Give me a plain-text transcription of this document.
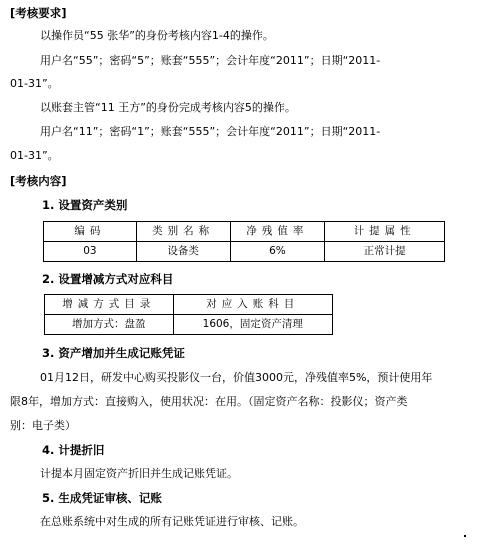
[考核要求]
以操作员“55 张华”的身份考核内容1-4的操作。
用户名“55”；密码“5”；账套“555”；会计年度“2011”；日期“2011-
01-31”。
以账套主管“11 王方”的身份完成考核内容5的操作。
用户名“11”；密码“1”；账套“555”；会计年度“2011”；日期“2011-
01-31”。
[考核内容]
1. 设置资产类别
编码	类别名称	净残值率	计提属性
03	设备类	6%	正常计提
2. 设置增减方式对应科目
增减方式目录	对应入账科目
增加方式：盘盈	1606，固定资产清理
3. 资产增加并生成记账凭证
01月12日，研发中心购买投影仪一台，价值3000元，净残值率5%，预计使用年
限8年，增加方式：直接购入，使用状况：在用。（固定资产名称：投影仪；资产类
别：电子类）
4. 计提折旧
计提本月固定资产折旧并生成记账凭证。
5. 生成凭证审核、记账
在总账系统中对生成的所有记账凭证进行审核、记账。
